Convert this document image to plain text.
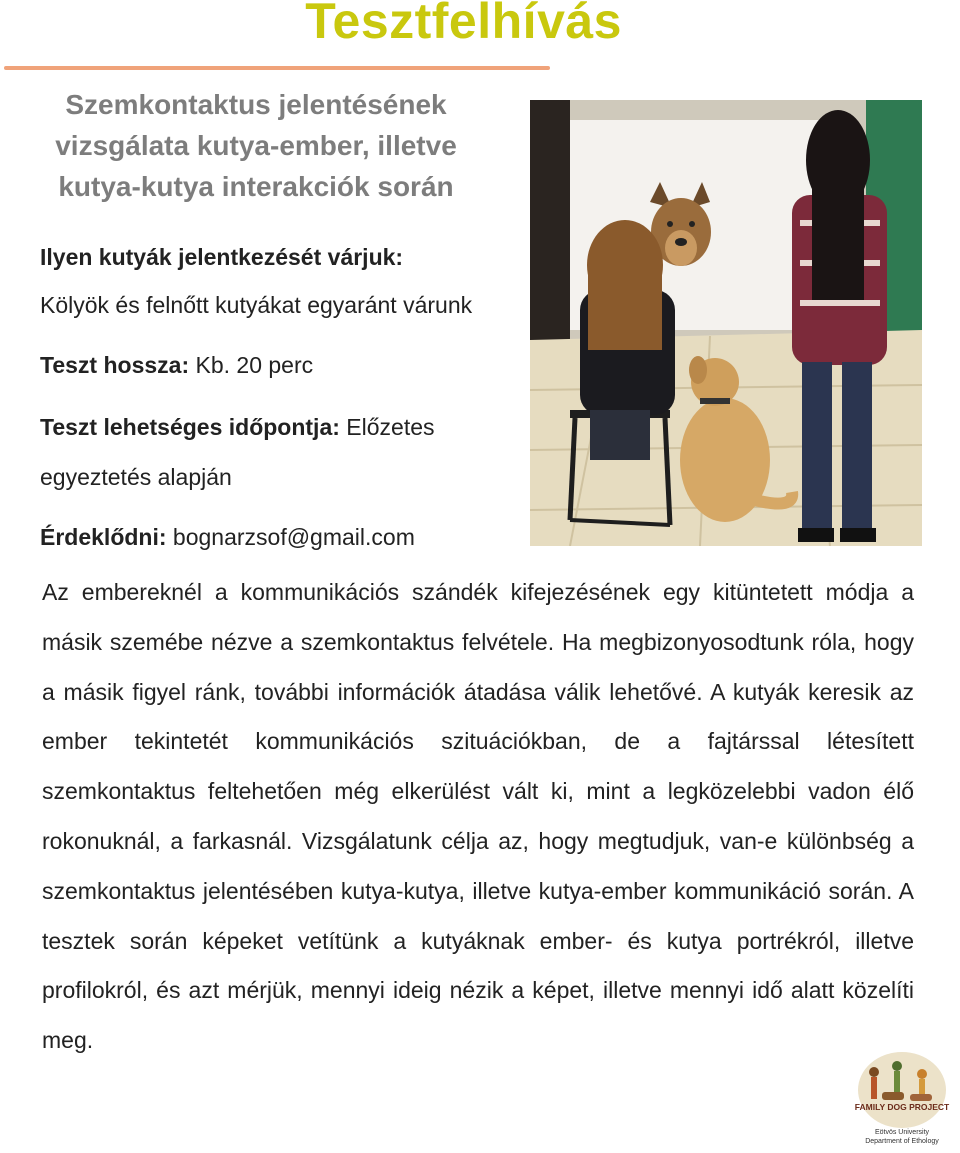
Tesztfelhívás
Szemkontaktus jelentésének vizsgálata kutya-ember, illetve kutya-kutya interakciók során
Ilyen kutyák jelentkezését várjuk:
Kölyök és felnőtt kutyákat egyaránt várunk
Teszt hossza: Kb. 20 perc
Teszt lehetséges időpontja: Előzetes egyeztetés alapján
Érdeklődni: bognarzsof@gmail.com
Az embereknél a kommunikációs szándék kifejezésének egy kitüntetett módja a másik szemébe nézve a szemkontaktus felvétele. Ha megbizonyosodtunk róla, hogy a másik figyel ránk, további információk átadása válik lehetővé. A kutyák keresik az ember tekintetét kommunikációs szituációkban, de a fajtárssal létesített szemkontaktus feltehetően még elkerülést vált ki, mint a legközelebbi vadon élő rokonuknál, a farkasnál. Vizsgálatunk célja az, hogy megtudjuk, van-e különbség a szemkontaktus jelentésében kutya-kutya, illetve kutya-ember kommunikáció során. A tesztek során képeket vetítünk a kutyáknak ember- és kutya portrékról, illetve profilokról, és azt mérjük, mennyi ideig nézik a képet, illetve mennyi idő alatt közelíti meg.
FAMILY DOG PROJECT
Eötvös University
Department of Ethology
